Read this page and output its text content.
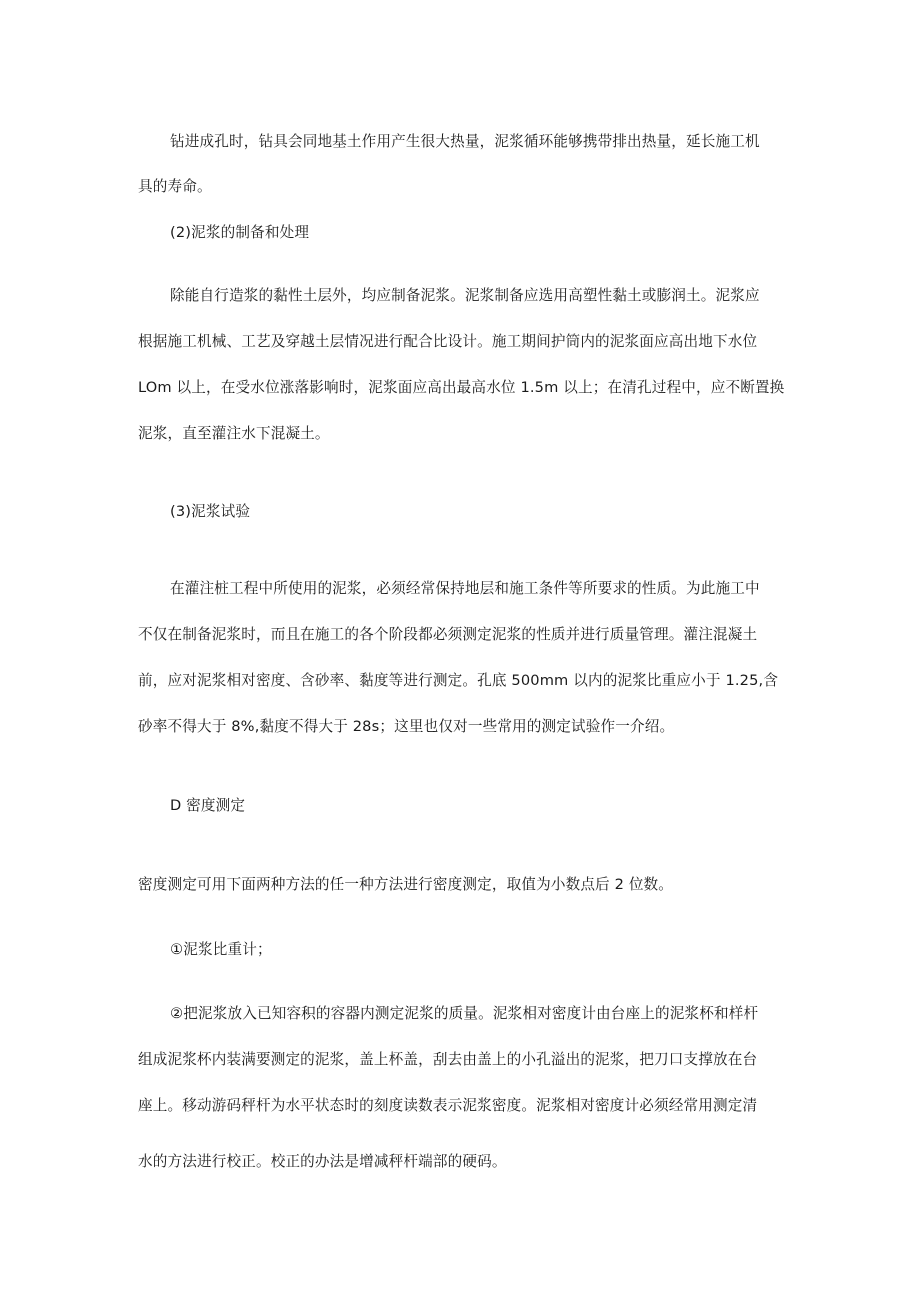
钻进成孔时，钻具会同地基土作用产生很大热量，泥浆循环能够携带排出热量，延长施工机

具的寿命。

(2)泥浆的制备和处理

除能自行造浆的黏性土层外，均应制备泥浆。泥浆制备应选用高塑性黏土或膨润土。泥浆应

根据施工机械、工艺及穿越土层情况进行配合比设计。施工期间护筒内的泥浆面应高出地下水位

LOm 以上，在受水位涨落影响时，泥浆面应高出最高水位 1.5m 以上；在清孔过程中，应不断置换

泥浆，直至灌注水下混凝土。

(3)泥浆试验

在灌注桩工程中所使用的泥浆，必须经常保持地层和施工条件等所要求的性质。为此施工中

不仅在制备泥浆时，而且在施工的各个阶段都必须测定泥浆的性质并进行质量管理。灌注混凝土

前，应对泥浆相对密度、含砂率、黏度等进行测定。孔底 500mm 以内的泥浆比重应小于 1.25,含

砂率不得大于 8%,黏度不得大于 28s；这里也仅对一些常用的测定试验作一介绍。

D 密度测定

密度测定可用下面两种方法的任一种方法进行密度测定，取值为小数点后 2 位数。

①泥浆比重计；

②把泥浆放入已知容积的容器内测定泥浆的质量。泥浆相对密度计由台座上的泥浆杯和样杆

组成泥浆杯内装满要测定的泥浆，盖上杯盖，刮去由盖上的小孔溢出的泥浆，把刀口支撑放在台

座上。移动游码秤杆为水平状态时的刻度读数表示泥浆密度。泥浆相对密度计必须经常用测定清

水的方法进行校正。校正的办法是增减秤杆端部的硬码。
